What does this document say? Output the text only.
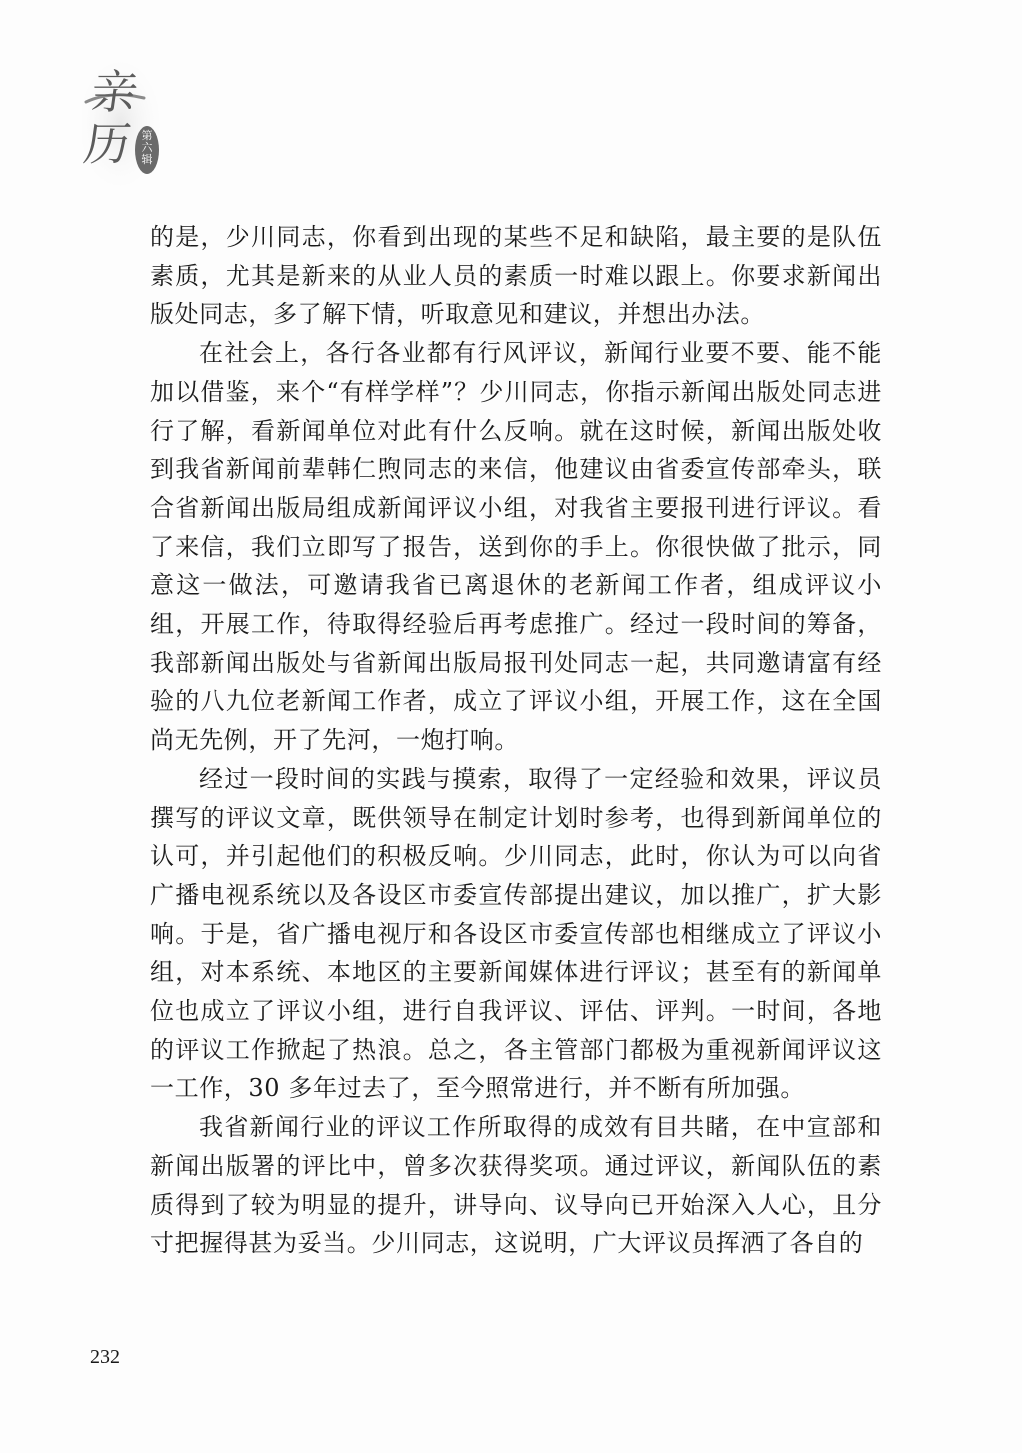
亲
历 第
六
辑

的是，少川同志，你看到出现的某些不足和缺陷，最主要的是队伍素质，尤其是新来的从业人员的素质一时难以跟上。你要求新闻出版处同志，多了解下情，听取意见和建议，并想出办法。

在社会上，各行各业都有行风评议，新闻行业要不要、能不能加以借鉴，来个“有样学样”？少川同志，你指示新闻出版处同志进行了解，看新闻单位对此有什么反响。就在这时候，新闻出版处收到我省新闻前辈韩仁煦同志的来信，他建议由省委宣传部牵头，联合省新闻出版局组成新闻评议小组，对我省主要报刊进行评议。看了来信，我们立即写了报告，送到你的手上。你很快做了批示，同意这一做法，可邀请我省已离退休的老新闻工作者，组成评议小组，开展工作，待取得经验后再考虑推广。经过一段时间的筹备，我部新闻出版处与省新闻出版局报刊处同志一起，共同邀请富有经验的八九位老新闻工作者，成立了评议小组，开展工作，这在全国尚无先例，开了先河，一炮打响。

经过一段时间的实践与摸索，取得了一定经验和效果，评议员撰写的评议文章，既供领导在制定计划时参考，也得到新闻单位的认可，并引起他们的积极反响。少川同志，此时，你认为可以向省广播电视系统以及各设区市委宣传部提出建议，加以推广，扩大影响。于是，省广播电视厅和各设区市委宣传部也相继成立了评议小组，对本系统、本地区的主要新闻媒体进行评议；甚至有的新闻单位也成立了评议小组，进行自我评议、评估、评判。一时间，各地的评议工作掀起了热浪。总之，各主管部门都极为重视新闻评议这一工作，30 多年过去了，至今照常进行，并不断有所加强。

我省新闻行业的评议工作所取得的成效有目共睹，在中宣部和新闻出版署的评比中，曾多次获得奖项。通过评议，新闻队伍的素质得到了较为明显的提升，讲导向、议导向已开始深入人心，且分寸把握得甚为妥当。少川同志，这说明，广大评议员挥洒了各自的

232
